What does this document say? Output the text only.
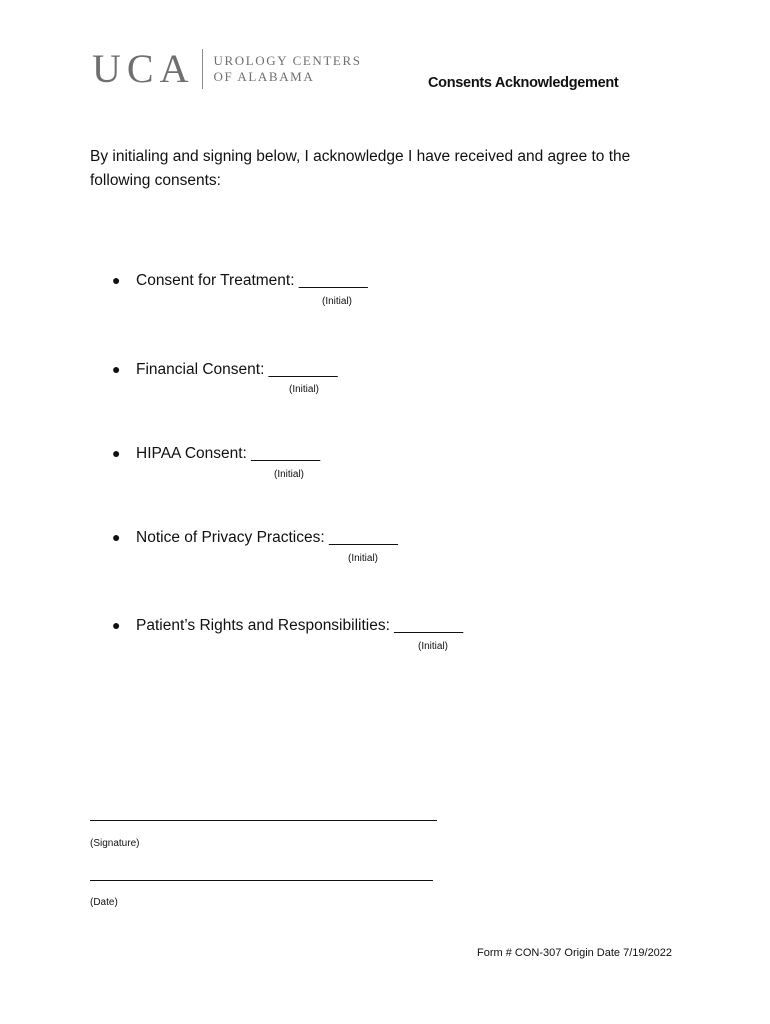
UCA UROLOGY CENTERS
OF ALABAMA	Consents Acknowledgement
By initialing and signing below, I acknowledge I have received and agree to the following consents:
● Consent for Treatment: ________
● Financial Consent: ________
● HIPAA Consent: ________
● Notice of Privacy Practices: ________
● Patient’s Rights and Responsibilities: ________
(Initial)
(Initial)
(Initial)
(Initial)
(Initial)
(Signature)
(Date)
Form # CON-307 Origin Date 7/19/2022
